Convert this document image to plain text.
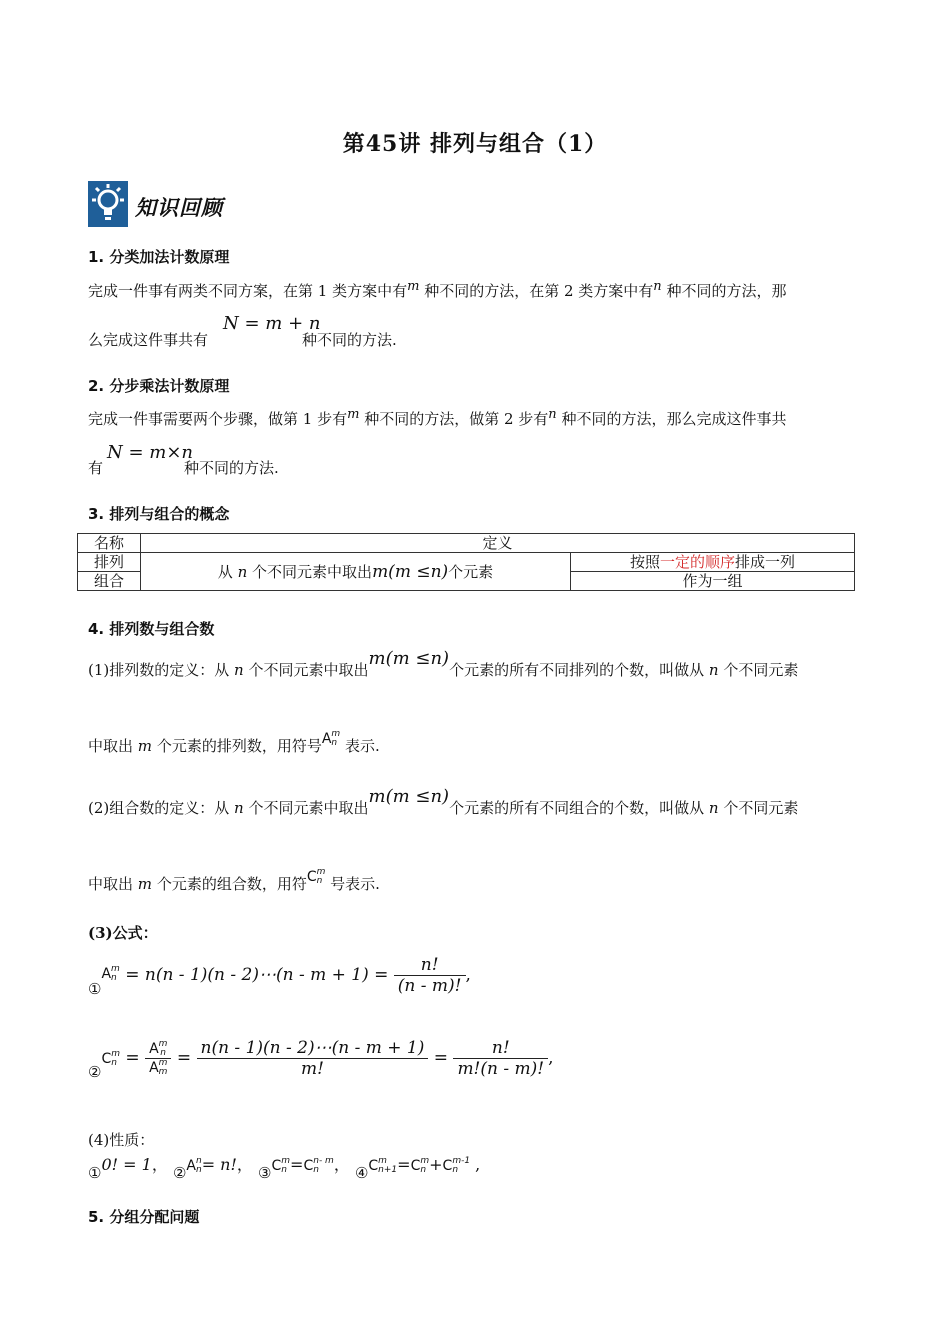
第45讲 排列与组合（1）
知识回顾
1. 分类加法计数原理
完成一件事有两类不同方案，在第 1 类方案中有$^m$ 种不同的方法，在第 2 类方案中有$^n$ 种不同的方法，那
么完成这件事共有
N = m + n
种不同的方法.
2. 分步乘法计数原理
完成一件事需要两个步骤，做第 1 步有$^m$ 种不同的方法，做第 2 步有$^n$ 种不同的方法，那么完成这件事共
有
N = m×n
种不同的方法.
3. 排列与组合的概念
名称	定义	
排列	从 n 个不同元素中取出m(m ≤n)个元素	按照一定的顺序排成一列
组合		作为一组
4. 排列数与组合数
(1)排列数的定义：从 n 个不同元素中取出m(m ≤n)个元素的所有不同排列的个数，叫做从 n 个不同元素
中取出 m 个元素的排列数，用符号A m
n 表示.
(2)组合数的定义：从 n 个不同元素中取出m(m ≤n)个元素的所有不同组合的个数，叫做从 n 个不同元素
中取出 m 个元素的组合数，用符C m
n 号表示.
(3)公式：
①A m
n = n(n - 1)(n - 2)⋯(n - $m + 1) = \frac{n!}{(n - m)!}$ ,
②C m
n = A m
n
A m
$m = \frac{n(n - 1)(n - 2)\cdots(n - m + 1)}{m!} = \frac{n!}{m!(n - m)!}$ ,
(4)性质：
①0! = 1， ②A n
n = n!， ③C m
n =C n- m
n ， ④C m
n+1 =C m
n +C m-1
n	,
5. 分组分配问题
